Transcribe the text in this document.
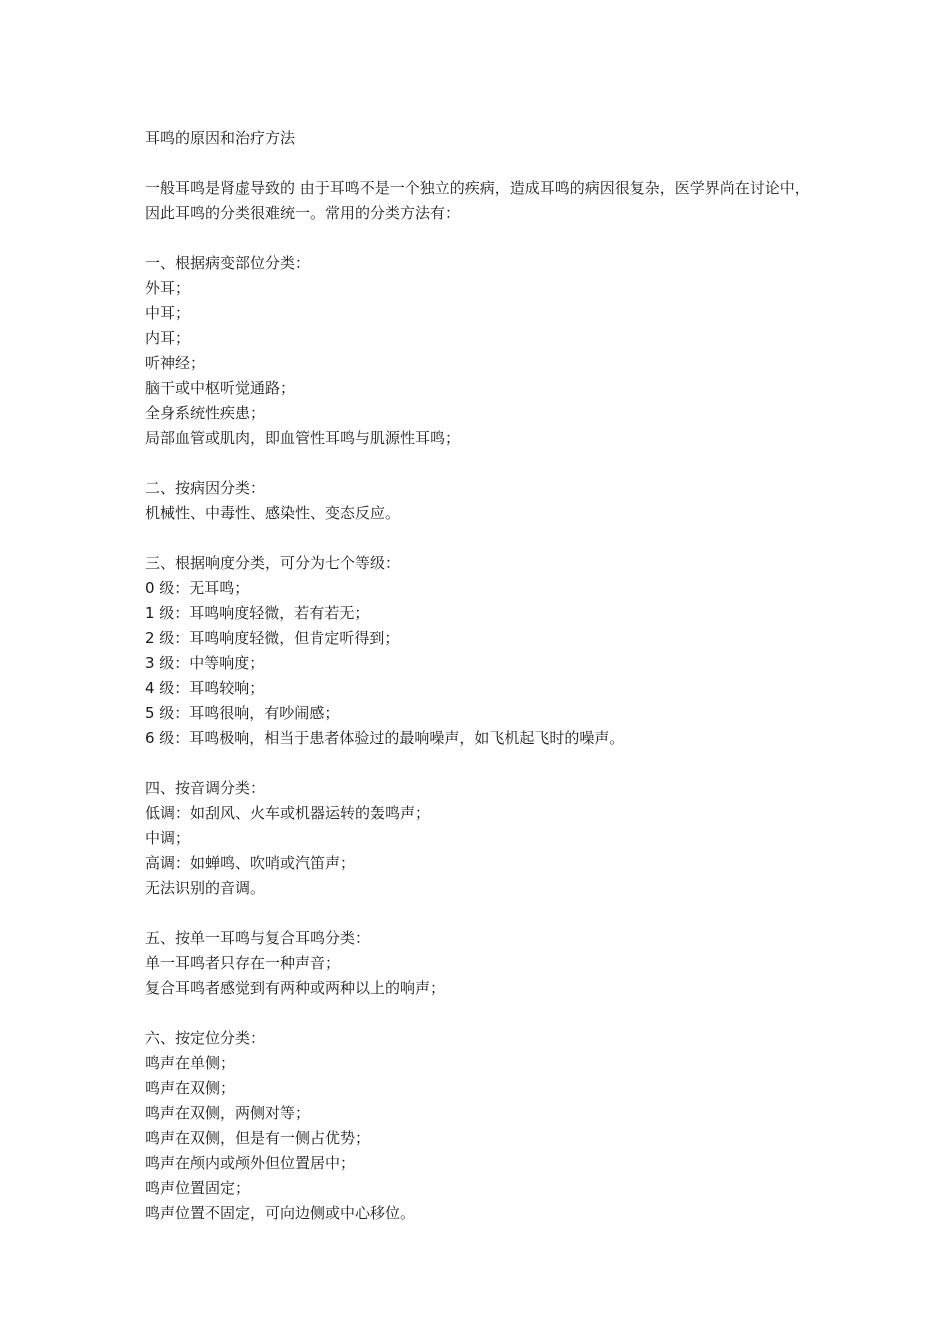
耳鸣的原因和治疗方法
一般耳鸣是肾虚导致的 由于耳鸣不是一个独立的疾病，造成耳鸣的病因很复杂，医学界尚在讨论中，因此耳鸣的分类很难统一。常用的分类方法有：
一、根据病变部位分类：
外耳；
中耳；
内耳；
听神经；
脑干或中枢听觉通路；
全身系统性疾患；
局部血管或肌肉，即血管性耳鸣与肌源性耳鸣；
二、按病因分类：
机械性、中毒性、感染性、变态反应。
三、根据响度分类，可分为七个等级：
0 级：无耳鸣；
1 级：耳鸣响度轻微，若有若无；
2 级：耳鸣响度轻微，但肯定听得到；
3 级：中等响度；
4 级：耳鸣较响；
5 级：耳鸣很响，有吵闹感；
6 级：耳鸣极响，相当于患者体验过的最响噪声，如飞机起飞时的噪声。
四、按音调分类：
低调：如刮风、火车或机器运转的轰鸣声；
中调；
高调：如蝉鸣、吹哨或汽笛声；
无法识别的音调。
五、按单一耳鸣与复合耳鸣分类：
单一耳鸣者只存在一种声音；
复合耳鸣者感觉到有两种或两种以上的响声；
六、按定位分类：
鸣声在单侧；
鸣声在双侧；
鸣声在双侧，两侧对等；
鸣声在双侧，但是有一侧占优势；
鸣声在颅内或颅外但位置居中；
鸣声位置固定；
鸣声位置不固定，可向边侧或中心移位。
